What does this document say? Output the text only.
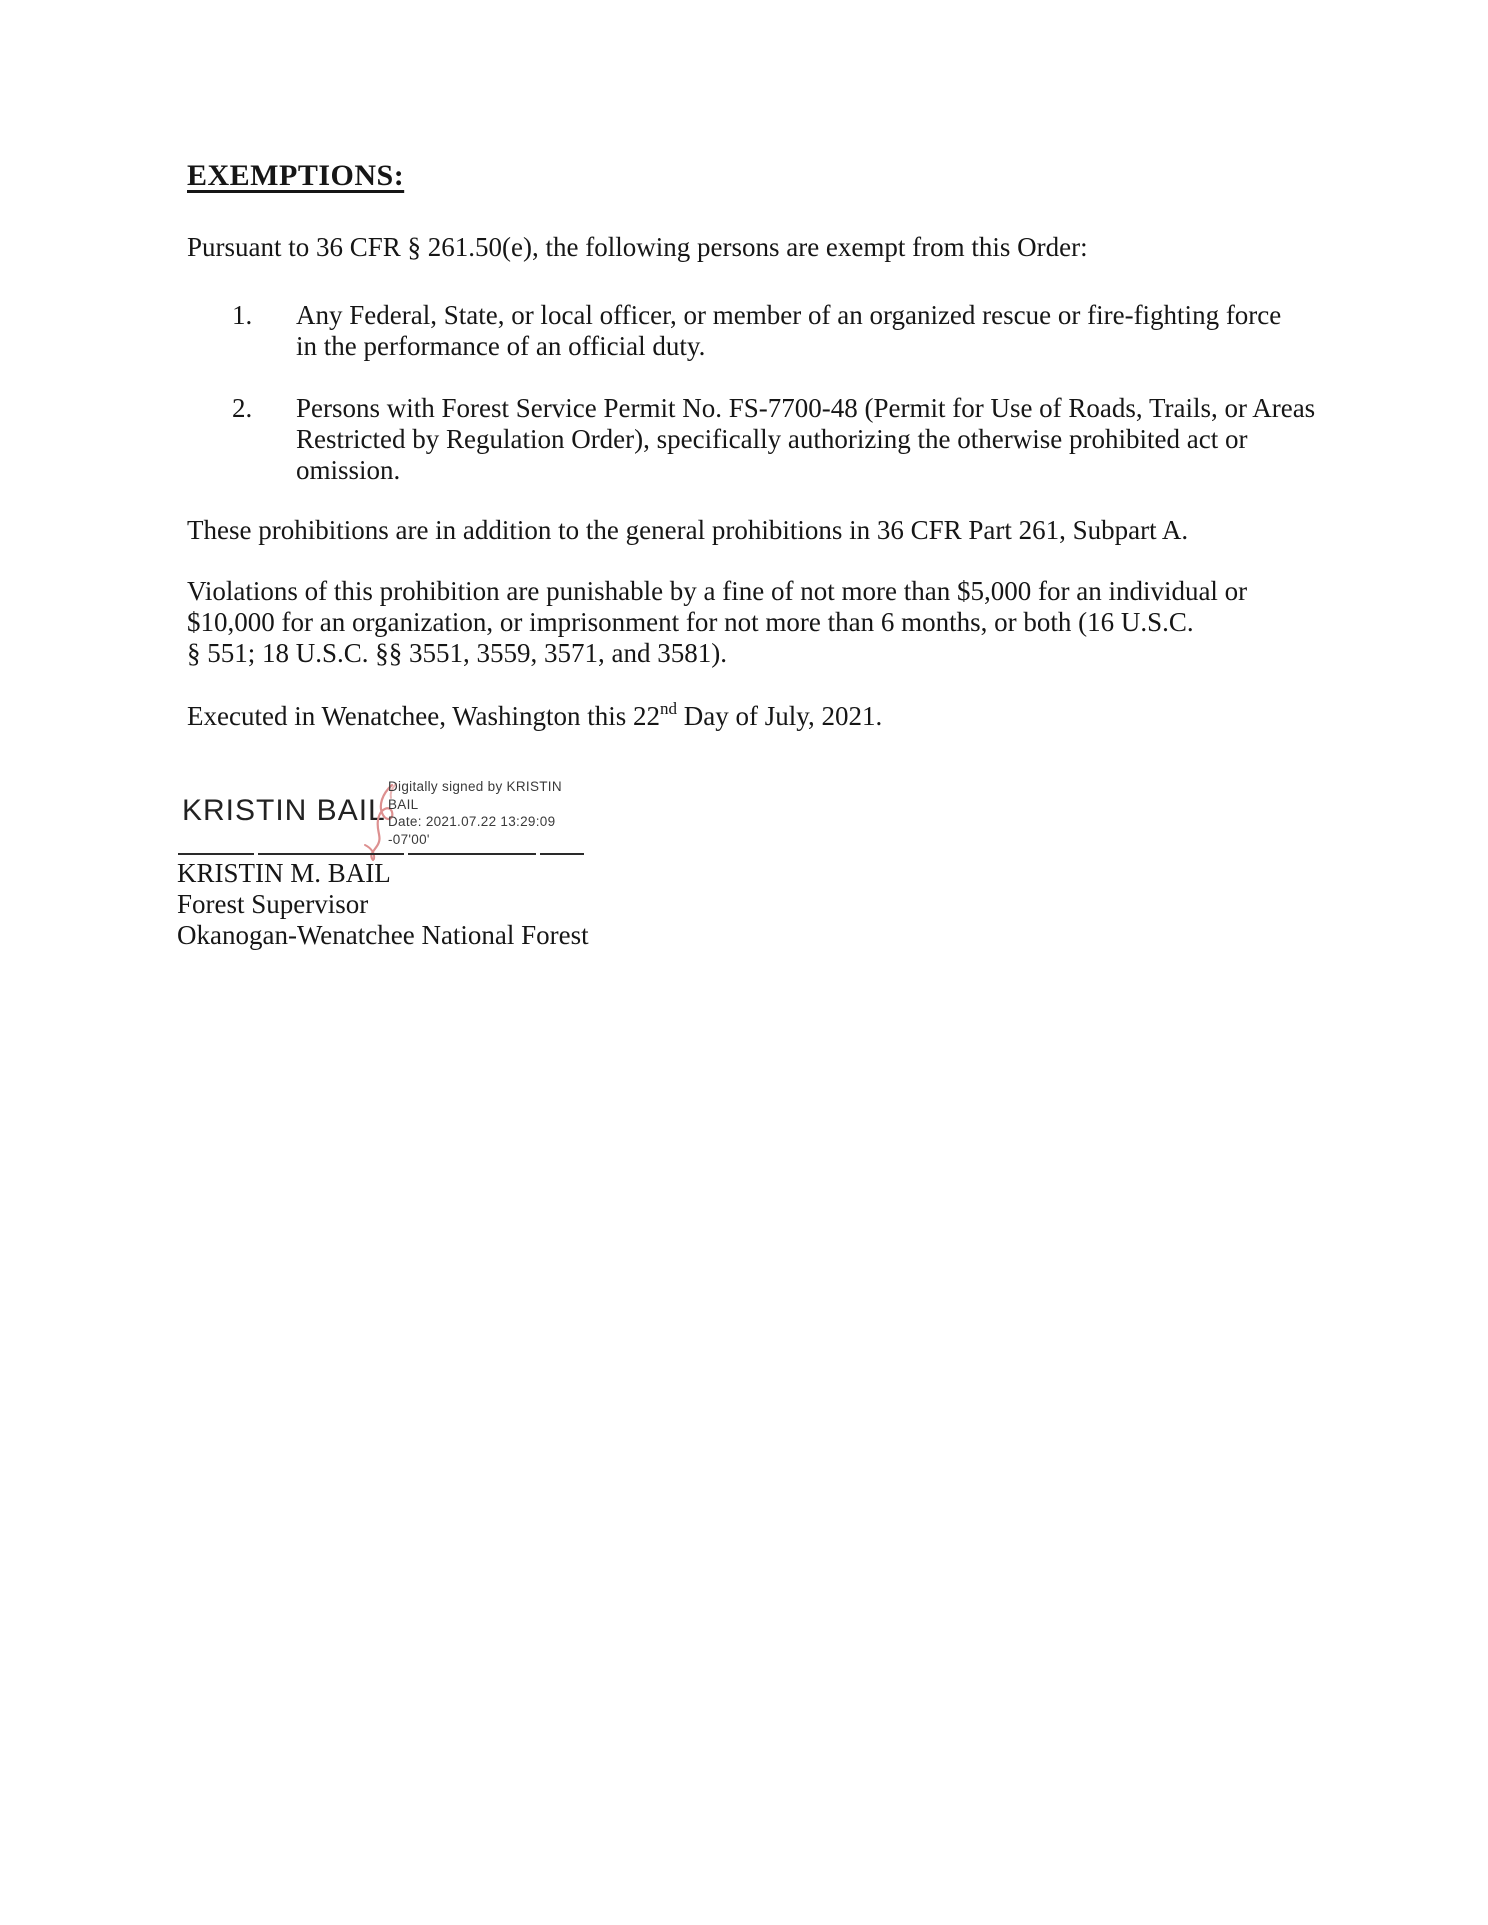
EXEMPTIONS:
Pursuant to 36 CFR § 261.50(e), the following persons are exempt from this Order:
1. Any Federal, State, or local officer, or member of an organized rescue or fire-fighting force
in the performance of an official duty.
2. Persons with Forest Service Permit No. FS-7700-48 (Permit for Use of Roads, Trails, or Areas
Restricted by Regulation Order), specifically authorizing the otherwise prohibited act or
omission.
These prohibitions are in addition to the general prohibitions in 36 CFR Part 261, Subpart A.
Violations of this prohibition are punishable by a fine of not more than $5,000 for an individual or
$10,000 for an organization, or imprisonment for not more than 6 months, or both (16 U.S.C.
§ 551; 18 U.S.C. §§ 3551, 3559, 3571, and 3581).
Executed in Wenatchee, Washington this 22nd Day of July, 2021.
KRISTIN BAIL
Digitally signed by KRISTIN
BAIL
Date: 2021.07.22 13:29:09
-07'00'
KRISTIN M. BAIL
Forest Supervisor
Okanogan-Wenatchee National Forest
